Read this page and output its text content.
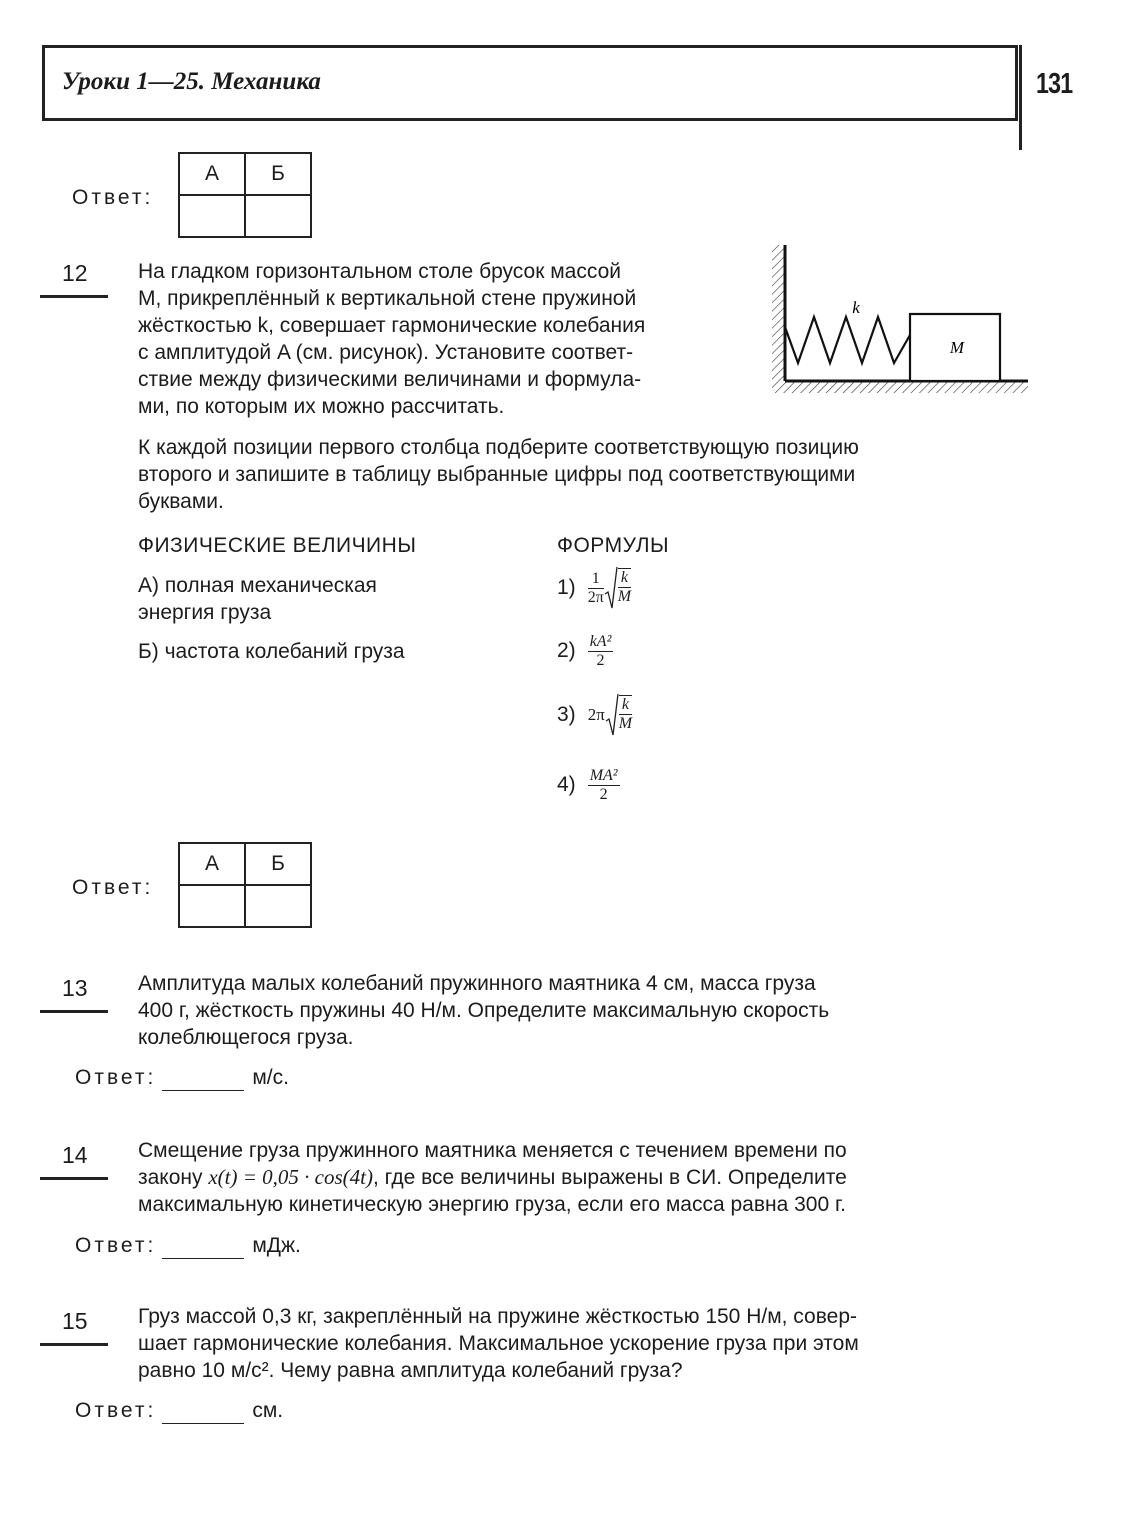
Уроки 1—25. Механика	131
Ответ:
А	Б

12 На гладком горизонтальном столе брусок массой
M, прикреплённый к вертикальной стене пружиной
жёсткостью k, совершает гармонические колебания
с амплитудой A (см. рисунок). Установите соответ-
ствие между физическими величинами и формула-
ми, по которым их можно рассчитать.
k
M
К каждой позиции первого столбца подберите соответствующую позицию
второго и запишите в таблицу выбранные цифры под соответствующими
буквами.
ФИЗИЧЕСКИЕ ВЕЛИЧИНЫ	ФОРМУЛЫ
А) полная механическая
энергия груза
Б) частота колебаний груза
$1) \frac{1}{2\pi} \frac{k}{M}$
$2) \frac{\text{kA²}}{2}$
3) $2\pi \frac{k}{M}$
$4) \frac{\text{MA²}}{2}$
Ответ:
А	Б

13 Амплитуда малых колебаний пружинного маятника 4 см, масса груза
400 г, жёсткость пружины 40 Н/м. Определите максимальную скорость
колеблющегося груза.
Ответ:	м/с.
14 Смещение груза пружинного маятника меняется с течением времени по
закону x(t) = 0,05 · cos(4t), где все величины выражены в СИ. Определите
максимальную кинетическую энергию груза, если его масса равна 300 г.
Ответ:	мДж.
15 Груз массой 0,3 кг, закреплённый на пружине жёсткостью 150 Н/м, совер-
шает гармонические колебания. Максимальное ускорение груза при этом
равно 10 м/с². Чему равна амплитуда колебаний груза?
Ответ:	см.
